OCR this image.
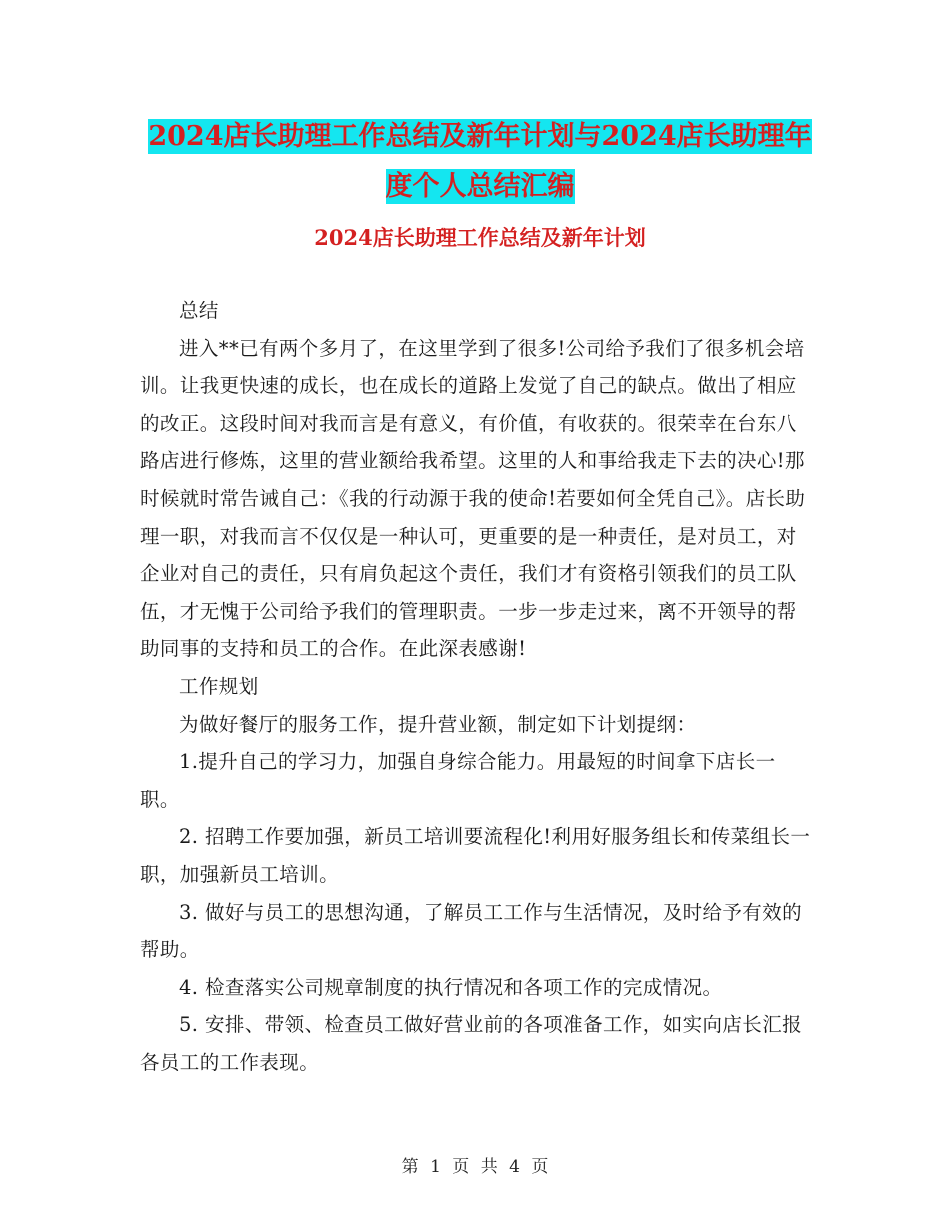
2024店长助理工作总结及新年计划与2024店长助理年
度个人总结汇编
2024店长助理工作总结及新年计划

总结

进入**已有两个多月了，在这里学到了很多!公司给予我们了很多机会培训。让我更快速的成长，也在成长的道路上发觉了自己的缺点。做出了相应的改正。这段时间对我而言是有意义，有价值，有收获的。很荣幸在台东八路店进行修炼，这里的营业额给我希望。这里的人和事给我走下去的决心!那时候就时常告诫自己：《我的行动源于我的使命!若要如何全凭自己》。店长助理一职，对我而言不仅仅是一种认可，更重要的是一种责任，是对员工，对企业对自己的责任，只有肩负起这个责任，我们才有资格引领我们的员工队伍，才无愧于公司给予我们的管理职责。一步一步走过来，离不开领导的帮助同事的支持和员工的合作。在此深表感谢!

工作规划

为做好餐厅的服务工作，提升营业额，制定如下计划提纲：

1.提升自己的学习力，加强自身综合能力。用最短的时间拿下店长一职。

2. 招聘工作要加强，新员工培训要流程化!利用好服务组长和传菜组长一职，加强新员工培训。

3. 做好与员工的思想沟通，了解员工工作与生活情况，及时给予有效的帮助。

4. 检查落实公司规章制度的执行情况和各项工作的完成情况。

5. 安排、带领、检查员工做好营业前的各项准备工作，如实向店长汇报各员工的工作表现。

第 1 页 共 4 页
